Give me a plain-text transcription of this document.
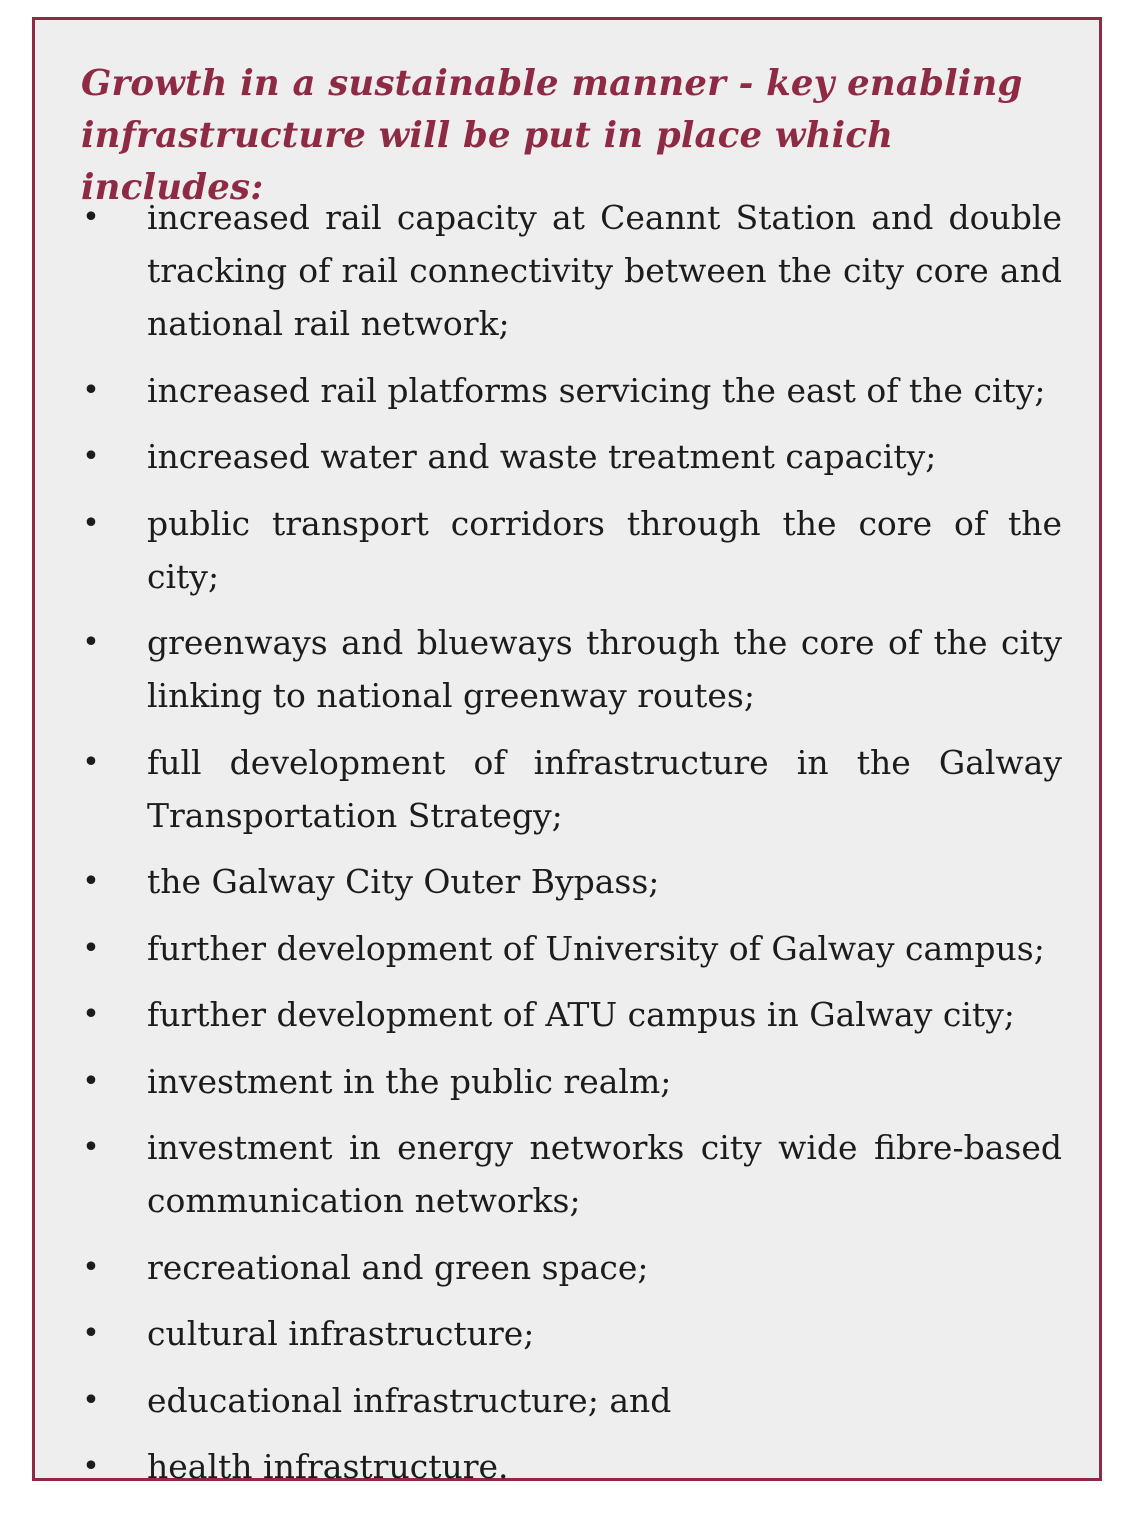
Growth in a sustainable manner - key enabling infrastructure will be put in place which includes:
• increased rail capacity at Ceannt Station and double tracking of rail connectivity between the city core and national rail network;
• increased rail platforms servicing the east of the city;
• increased water and waste treatment capacity;
• public transport corridors through the core of the city;
• greenways and blueways through the core of the city linking to national greenway routes;
• full development of infrastructure in the Galway Transportation Strategy;
• the Galway City Outer Bypass;
• further development of University of Galway campus;
• further development of ATU campus in Galway city;
• investment in the public realm;
• investment in energy networks city wide fibre-based communication networks;
• recreational and green space;
• cultural infrastructure;
• educational infrastructure; and
• health infrastructure.
